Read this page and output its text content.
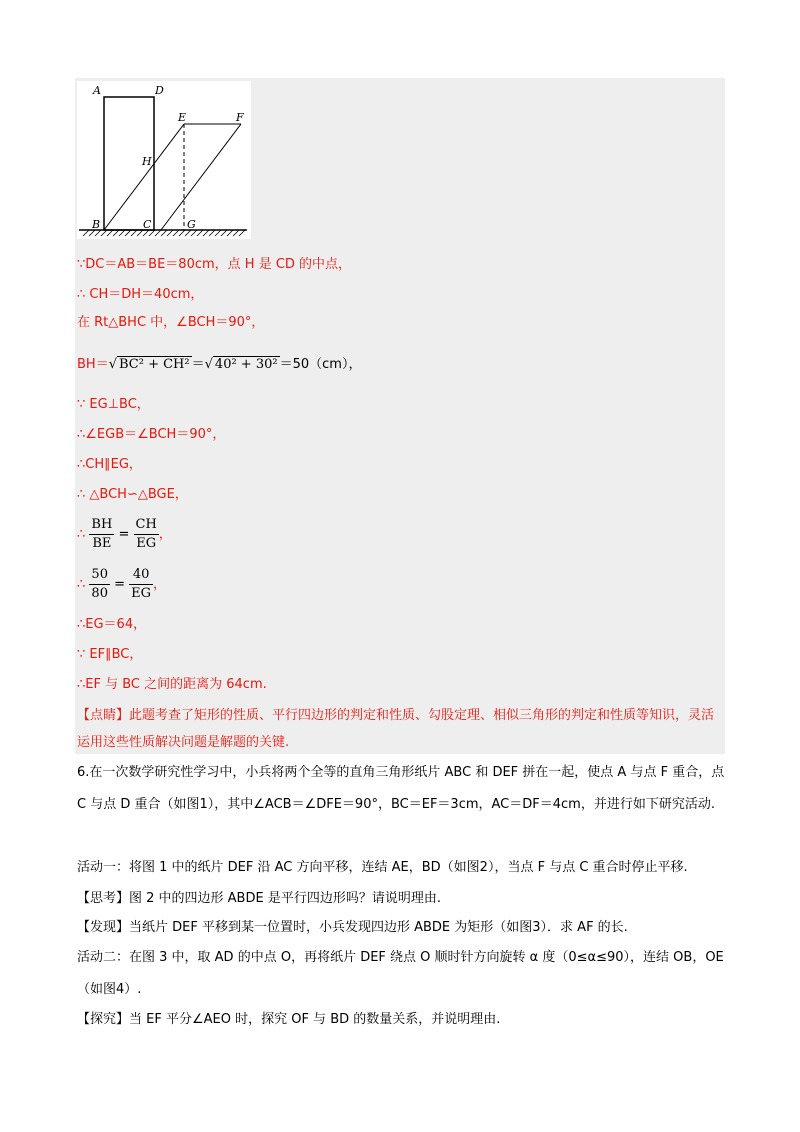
A	D
E	F
H
B	C	G
∵DC＝AB＝BE＝80cm，点 H 是 CD 的中点，
∴ CH＝DH＝40cm，
在 Rt△BHC 中，∠BCH＝90°，
BH＝√ BC² + CH² ＝√ 40² + 30² ＝50（cm），
∵ EG⊥BC，
∴∠EGB＝∠BCH＝90°，
∴CH∥EG，
∴ △BCH∽△BGE，
∴ $\frac{BH}{BE} = \frac{CH}{EG}$ ，
∴ $\frac{50}{80} = \frac{40}{EG}$ ，
∴EG＝64，
∵ EF∥BC，
∴EF 与 BC 之间的距离为 64cm.
【点睛】此题考查了矩形的性质、平行四边形的判定和性质、勾股定理、相似三角形的判定和性质等知识，灵活运用这些性质解决问题是解题的关键.
6.在一次数学研究性学习中，小兵将两个全等的直角三角形纸片 ABC 和 DEF 拼在一起，使点 A 与点 F 重合，点 C 与点 D 重合（如图1），其中∠ACB＝∠DFE＝90°，BC＝EF＝3cm，AC＝DF＝4cm，并进行如下研究活动.
活动一：将图 1 中的纸片 DEF 沿 AC 方向平移，连结 AE，BD（如图2），当点 F 与点 C 重合时停止平移.
【思考】图 2 中的四边形 ABDE 是平行四边形吗？请说明理由.
【发现】当纸片 DEF 平移到某一位置时，小兵发现四边形 ABDE 为矩形（如图3）．求 AF 的长.
活动二：在图 3 中，取 AD 的中点 O，再将纸片 DEF 绕点 O 顺时针方向旋转 α 度（0≤α≤90），连结 OB，OE（如图4）.
【探究】当 EF 平分∠AEO 时，探究 OF 与 BD 的数量关系，并说明理由.
